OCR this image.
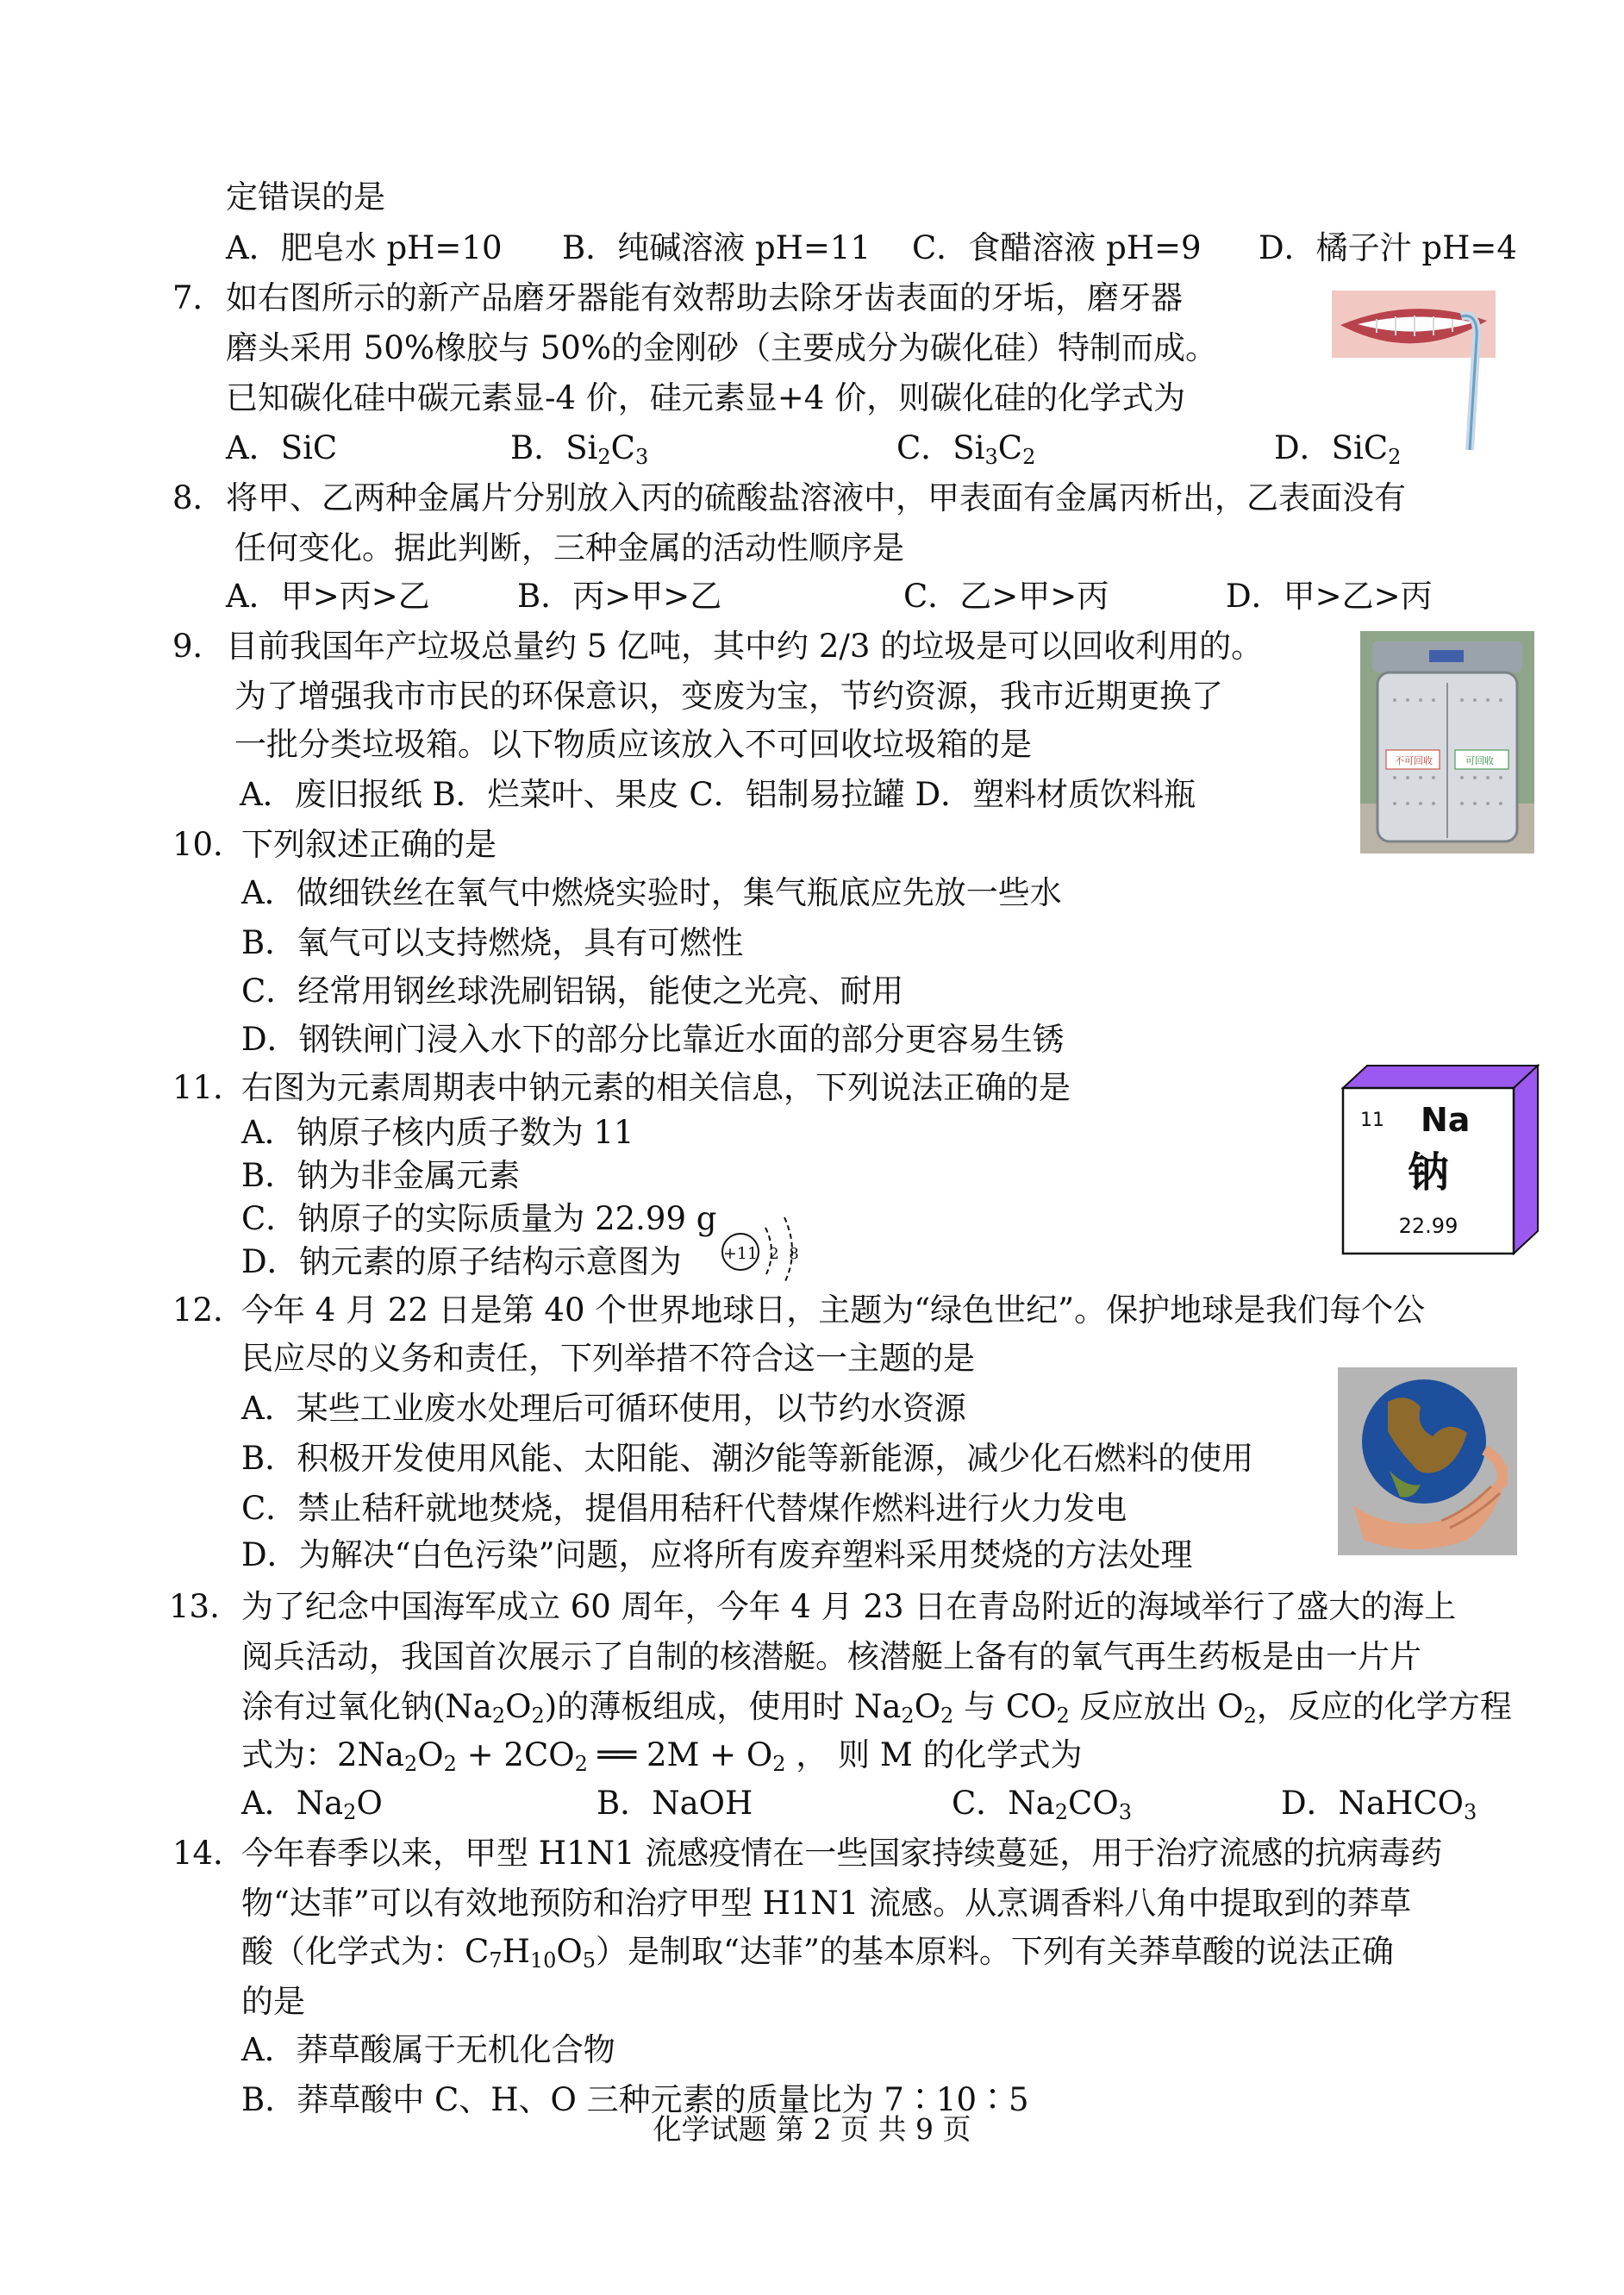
定错误的是
A．肥皂水 pH=10 B．纯碱溶液 pH=11 C．食醋溶液 pH=9 D．橘子汁 pH=4
7． 如右图所示的新产品磨牙器能有效帮助去除牙齿表面的牙垢，磨牙器
磨头采用 50%橡胶与 50%的金刚砂（主要成分为碳化硅）特制而成。
已知碳化硅中碳元素显-4 价，硅元素显+4 价，则碳化硅的化学式为
A．SiC	B．$Si_2C_3$	C．$Si_3C_2$	D．SiC$_2$
8． 将甲、乙两种金属片分别放入丙的硫酸盐溶液中，甲表面有金属丙析出，乙表面没有
任何变化。据此判断，三种金属的活动性顺序是
A．甲>丙>乙	B．丙>甲>乙	C．乙>甲>丙	D．甲>乙>丙
9． 目前我国年产垃圾总量约 5 亿吨，其中约 2/3 的垃圾是可以回收利用的。
为了增强我市市民的环保意识，变废为宝，节约资源，我市近期更换了
一批分类垃圾箱。以下物质应该放入不可回收垃圾箱的是
A．废旧报纸 B．烂菜叶、果皮 C．铝制易拉罐 D．塑料材质饮料瓶
不可回收	可回收
10．
下列叙述正确的是
A．做细铁丝在氧气中燃烧实验时，集气瓶底应先放一些水
B．氧气可以支持燃烧，具有可燃性
C．经常用钢丝球洗刷铝锅，能使之光亮、耐用
D．钢铁闸门浸入水下的部分比靠近水面的部分更容易生锈
11．
右图为元素周期表中钠元素的相关信息，下列说法正确的是
A．钠原子核内质子数为 11
B．钠为非金属元素
C．钠原子的实际质量为 22.99 g
D．钠元素的原子结构示意图为	+11 2 8
11 Na
钠
22.99
12．
今年 4 月 22 日是第 40 个世界地球日，主题为“绿色世纪”。保护地球是我们每个公
民应尽的义务和责任，下列举措不符合这一主题的是
A．某些工业废水处理后可循环使用，以节约水资源
B．积极开发使用风能、太阳能、潮汐能等新能源，减少化石燃料的使用
C．禁止秸秆就地焚烧，提倡用秸秆代替煤作燃料进行火力发电
D．为解决“白色污染”问题，应将所有废弃塑料采用焚烧的方法处理
13. 为了纪念中国海军成立 60 周年，今年 4 月 23 日在青岛附近的海域举行了盛大的海上
阅兵活动，我国首次展示了自制的核潜艇。核潜艇上备有的氧气再生药板是由一片片
涂有过氧化钠$(Na_2O_2)$的薄板组成，使用时 $Na_2O_2$ 与 $CO_2$ 反应放出 $O_2$，反应的化学方程
式为：$2Na_2O_2 + 2CO_2$ ══ $2M + O_2$ ， 则 M 的化学式为
A．$Na_2O$	B．NaOH	C．$Na_2CO_3$	D．NaHCO$_3$
14．
今年春季以来，甲型 H1N1 流感疫情在一些国家持续蔓延，用于治疗流感的抗病毒药
物“达菲”可以有效地预防和治疗甲型 H1N1 流感。从烹调香料八角中提取到的莽草
酸（化学式为：$C_7H_{10}O_5$）是制取“达菲”的基本原料。下列有关莽草酸的说法正确
的是
A．莽草酸属于无机化合物
B．莽草酸中 C、H、O 三种元素的质量比为 7∶10∶5
化学试题 第 2 页 共 9 页
